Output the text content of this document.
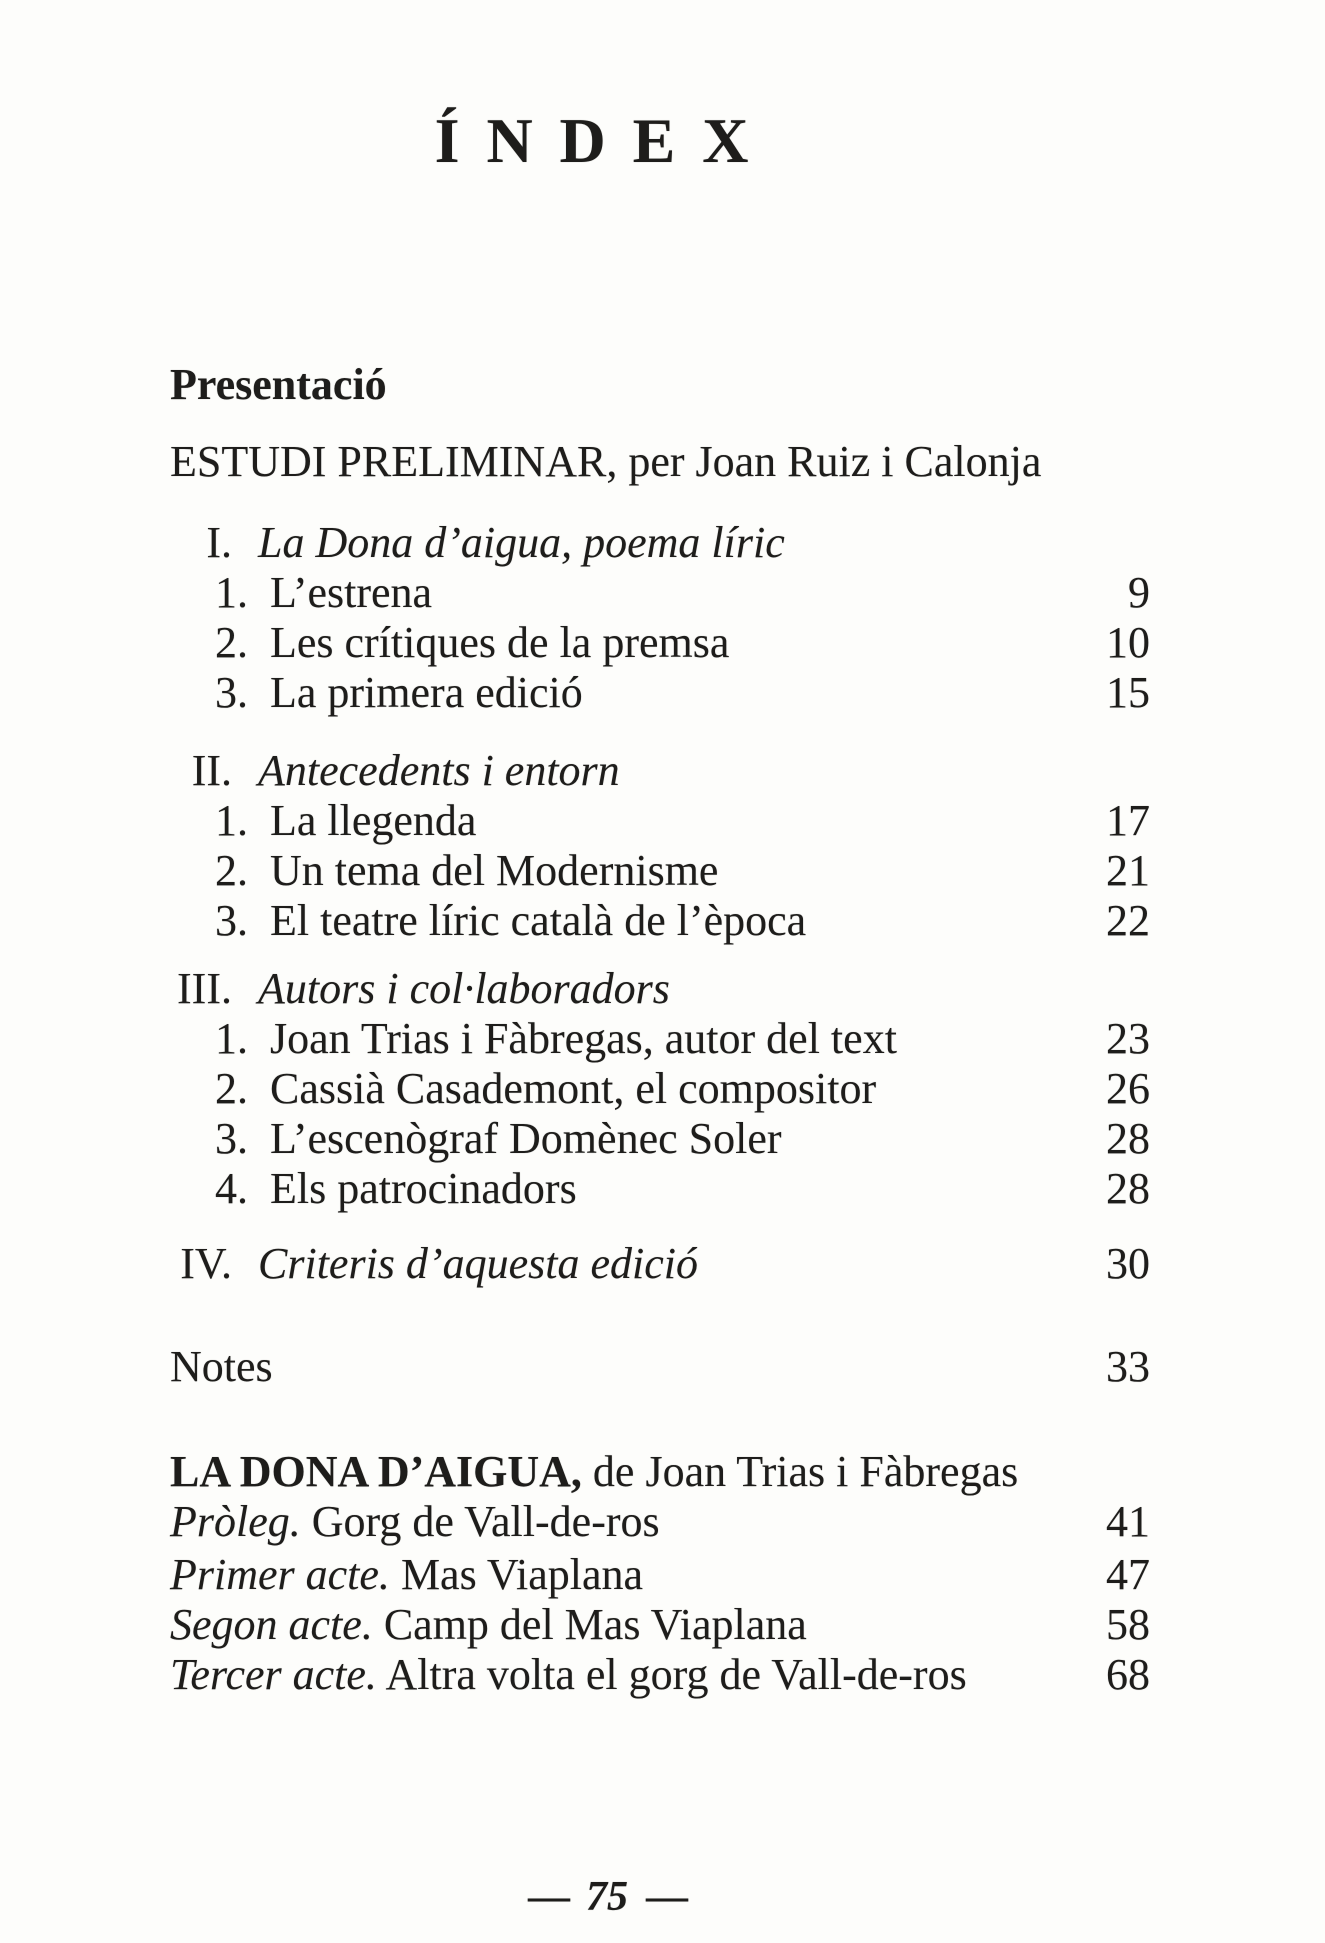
ÍNDEX
Presentació
ESTUDI PRELIMINAR, per Joan Ruiz i Calonja
I. La Dona d’aigua, poema líric
1. L’estrena	9
2. Les crítiques de la premsa	10
3. La primera edició	15
II. Antecedents i entorn
1. La llegenda	17
2. Un tema del Modernisme	21
3. El teatre líric català de l’època	22
III. Autors i col·laboradors
1. Joan Trias i Fàbregas, autor del text	23
2. Cassià Casademont, el compositor	26
3. L’escenògraf Domènec Soler	28
4. Els patrocinadors	28
IV. Criteris d’aquesta edició	30
Notes	33
LA DONA D’AIGUA, de Joan Trias i Fàbregas
Pròleg. Gorg de Vall-de-ros	41
Primer acte. Mas Viaplana	47
Segon acte. Camp del Mas Viaplana	58
Tercer acte. Altra volta el gorg de Vall-de-ros	68
— 75 —
